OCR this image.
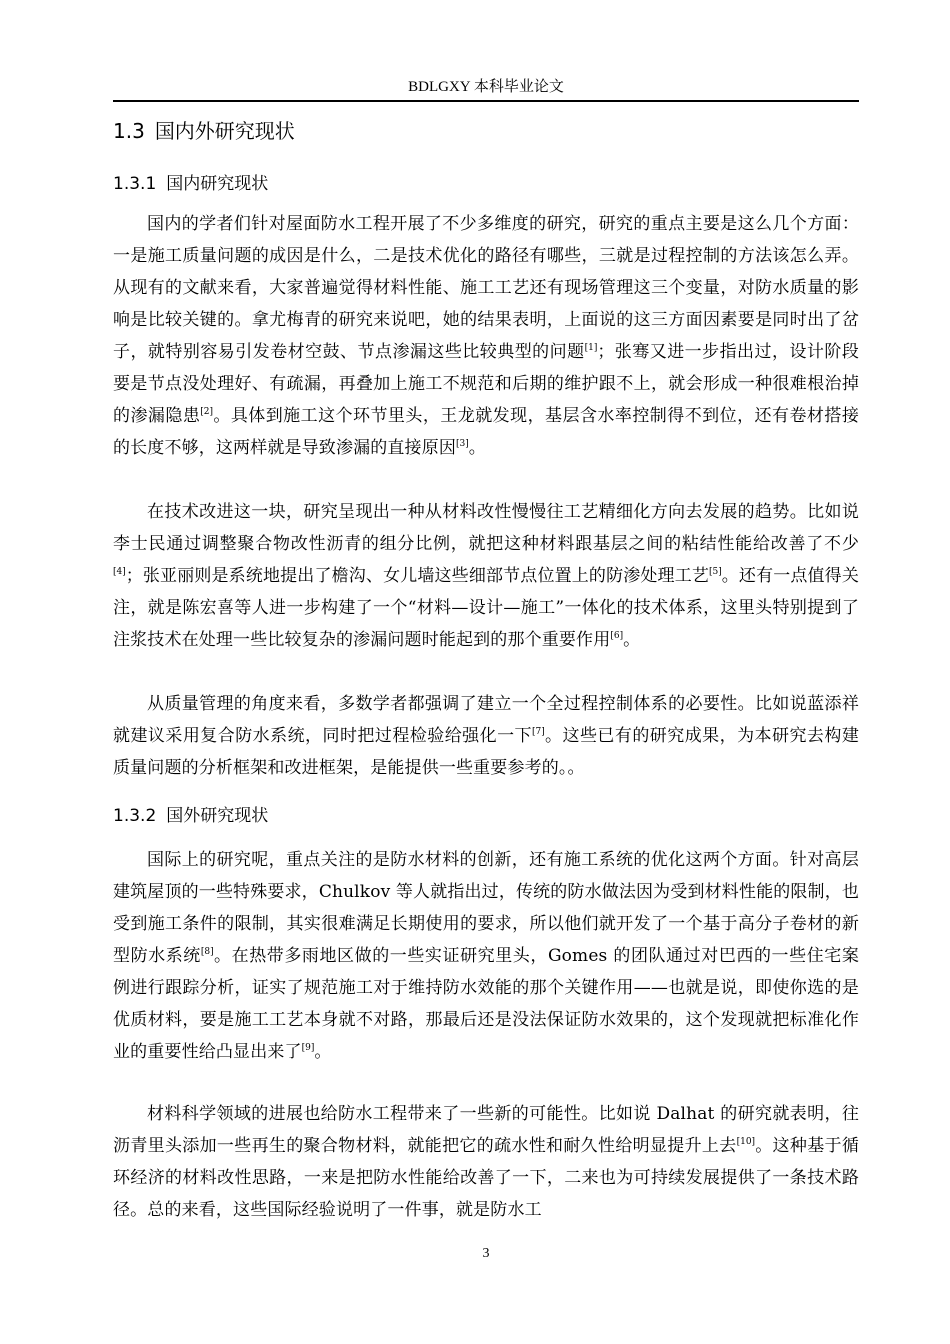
BDLGXY 本科毕业论文
1.3 国内外研究现状
1.3.1 国内研究现状

国内的学者们针对屋面防水工程开展了不少多维度的研究，研究的重点主要是这么几个方面：一是施工质量问题的成因是什么，二是技术优化的路径有哪些，三就是过程控制的方法该怎么弄。从现有的文献来看，大家普遍觉得材料性能、施工工艺还有现场管理这三个变量，对防水质量的影响是比较关键的。拿尤梅青的研究来说吧，她的结果表明，上面说的这三方面因素要是同时出了岔子，就特别容易引发卷材空鼓、节点渗漏这些比较典型的问题[1]；张骞又进一步指出过，设计阶段要是节点没处理好、有疏漏，再叠加上施工不规范和后期的维护跟不上，就会形成一种很难根治掉的渗漏隐患[2]。具体到施工这个环节里头，王龙就发现，基层含水率控制得不到位，还有卷材搭接的长度不够，这两样就是导致渗漏的直接原因[3]。

在技术改进这一块，研究呈现出一种从材料改性慢慢往工艺精细化方向去发展的趋势。比如说李士民通过调整聚合物改性沥青的组分比例，就把这种材料跟基层之间的粘结性能给改善了不少[4]；张亚丽则是系统地提出了檐沟、女儿墙这些细部节点位置上的防渗处理工艺[5]。还有一点值得关注，就是陈宏喜等人进一步构建了一个“材料—设计—施工”一体化的技术体系，这里头特别提到了注浆技术在处理一些比较复杂的渗漏问题时能起到的那个重要作用[6]。

从质量管理的角度来看，多数学者都强调了建立一个全过程控制体系的必要性。比如说蓝添祥就建议采用复合防水系统，同时把过程检验给强化一下[7]。这些已有的研究成果，为本研究去构建质量问题的分析框架和改进框架，是能提供一些重要参考的。。

1.3.2 国外研究现状

国际上的研究呢，重点关注的是防水材料的创新，还有施工系统的优化这两个方面。针对高层建筑屋顶的一些特殊要求，Chulkov 等人就指出过，传统的防水做法因为受到材料性能的限制，也受到施工条件的限制，其实很难满足长期使用的要求，所以他们就开发了一个基于高分子卷材的新型防水系统[8]。在热带多雨地区做的一些实证研究里头，Gomes 的团队通过对巴西的一些住宅案例进行跟踪分析，证实了规范施工对于维持防水效能的那个关键作用——也就是说，即使你选的是优质材料，要是施工工艺本身就不对路，那最后还是没法保证防水效果的，这个发现就把标准化作业的重要性给凸显出来了[9]。

材料科学领域的进展也给防水工程带来了一些新的可能性。比如说 Dalhat 的研究就表明，往沥青里头添加一些再生的聚合物材料，就能把它的疏水性和耐久性给明显提升上去[10]。这种基于循环经济的材料改性思路，一来是把防水性能给改善了一下，二来也为可持续发展提供了一条技术路径。总的来看，这些国际经验说明了一件事，就是防水工

3
